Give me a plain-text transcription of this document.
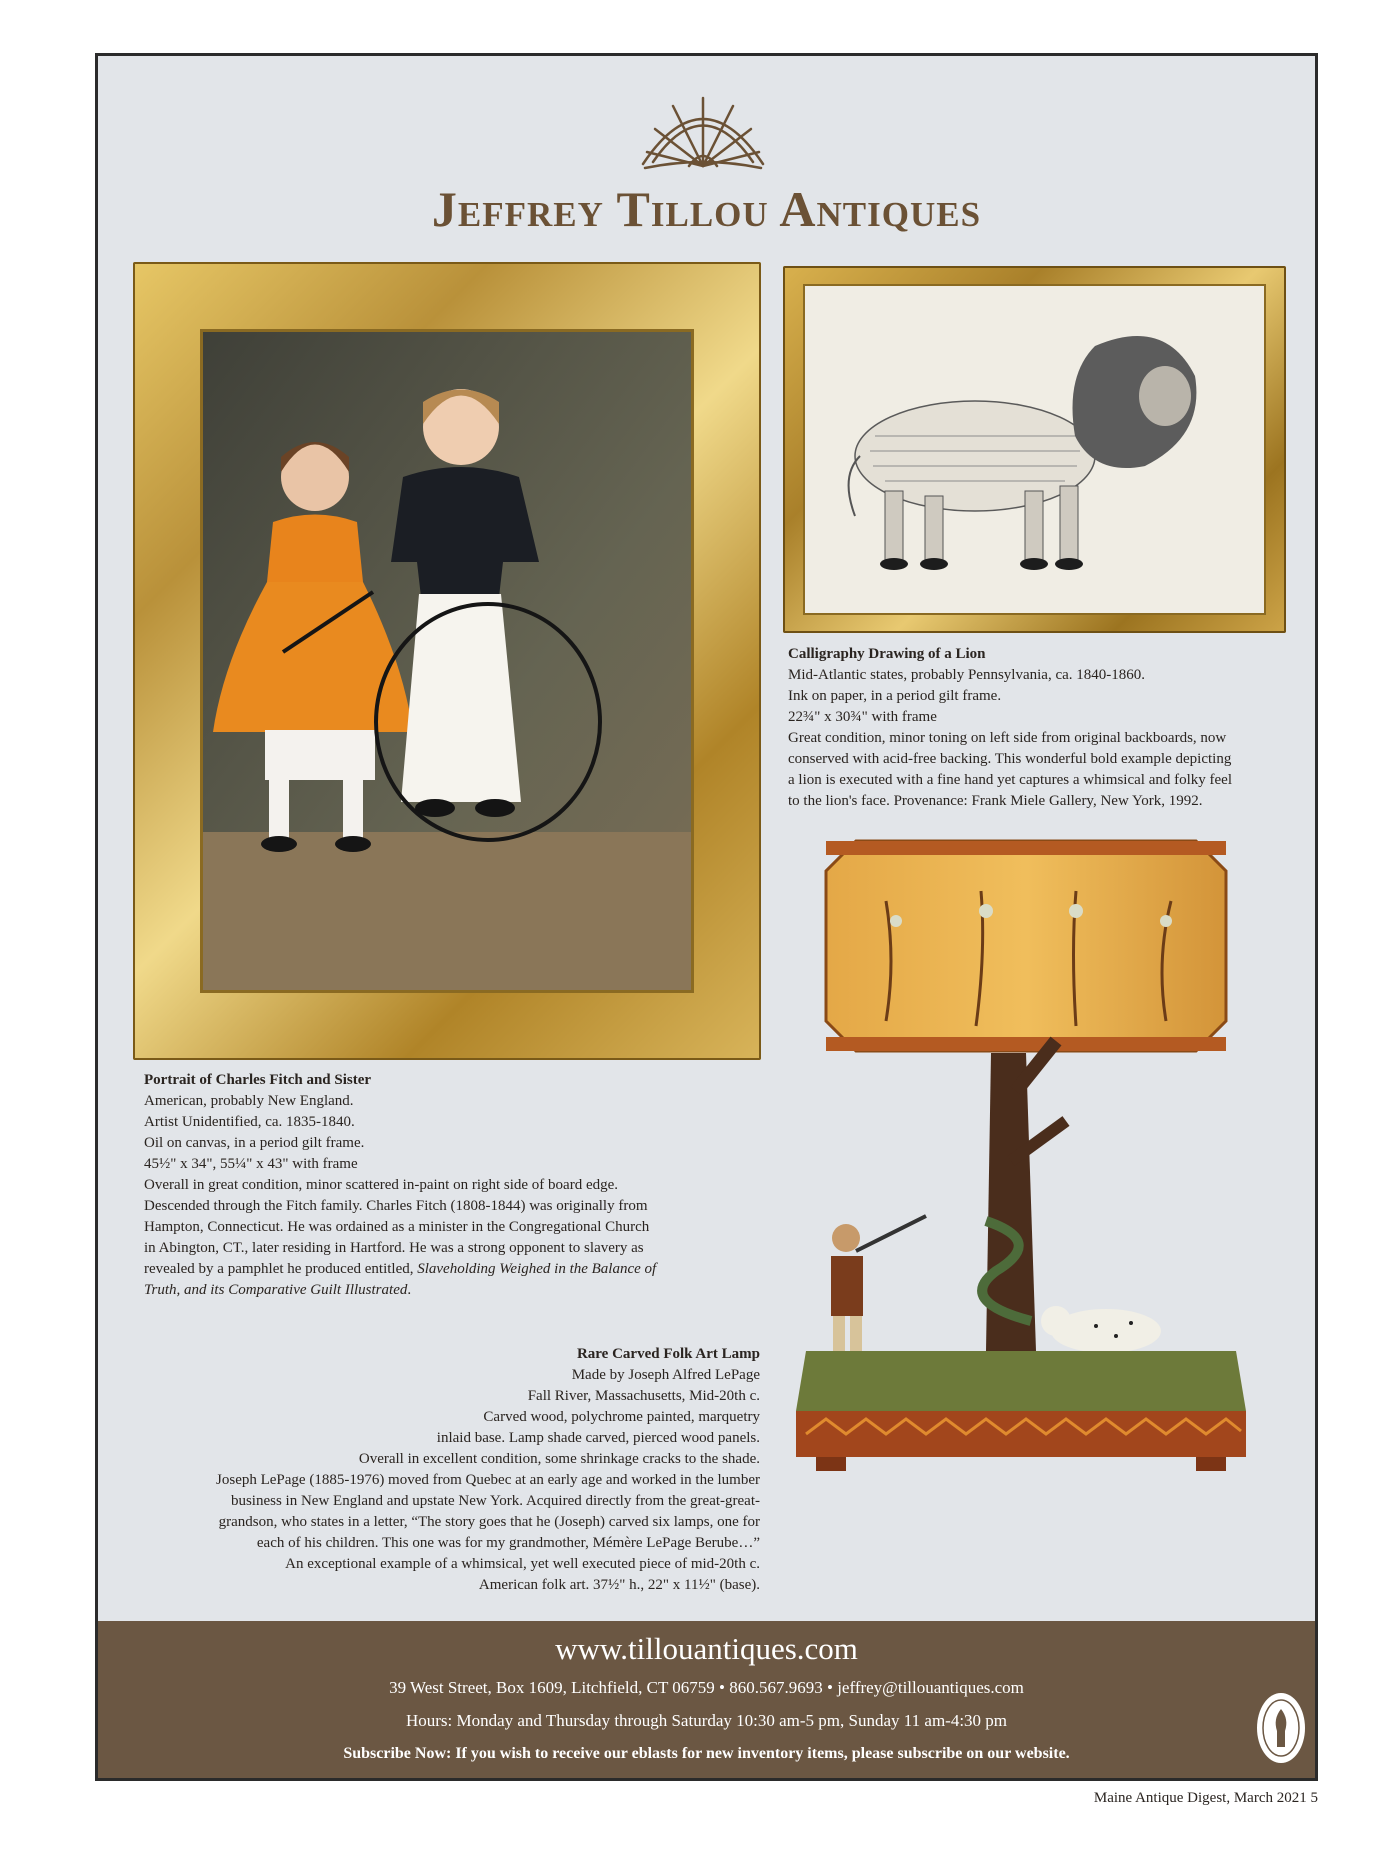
Jeffrey Tillou Antiques
Calligraphy Drawing of a Lion
Mid-Atlantic states, probably Pennsylvania, ca. 1840-1860.
Ink on paper, in a period gilt frame.
22¾" x 30¾" with frame
Great condition, minor toning on left side from original backboards, now
conserved with acid-free backing. This wonderful bold example depicting
a lion is executed with a fine hand yet captures a whimsical and folky feel
to the lion's face. Provenance: Frank Miele Gallery, New York, 1992.
Portrait of Charles Fitch and Sister
American, probably New England.
Artist Unidentified, ca. 1835-1840.
Oil on canvas, in a period gilt frame.
45½" x 34", 55¼" x 43" with frame
Overall in great condition, minor scattered in-paint on right side of board edge.
Descended through the Fitch family. Charles Fitch (1808-1844) was originally from
Hampton, Connecticut. He was ordained as a minister in the Congregational Church
in Abington, CT., later residing in Hartford. He was a strong opponent to slavery as
revealed by a pamphlet he produced entitled, Slaveholding Weighed in the Balance of
Truth, and its Comparative Guilt Illustrated.
Rare Carved Folk Art Lamp
Made by Joseph Alfred LePage
Fall River, Massachusetts, Mid-20th c.
Carved wood, polychrome painted, marquetry
inlaid base. Lamp shade carved, pierced wood panels.
Overall in excellent condition, some shrinkage cracks to the shade.
Joseph LePage (1885-1976) moved from Quebec at an early age and worked in the lumber
business in New England and upstate New York. Acquired directly from the great-great-
grandson, who states in a letter, “The story goes that he (Joseph) carved six lamps, one for
each of his children. This one was for my grandmother, Mémère LePage Berube…”
An exceptional example of a whimsical, yet well executed piece of mid-20th c.
American folk art. 37½" h., 22" x 11½" (base).
www.tillouantiques.com
39 West Street, Box 1609, Litchfield, CT 06759 • 860.567.9693 • jeffrey@tillouantiques.com
Hours: Monday and Thursday through Saturday 10:30 am-5 pm, Sunday 11 am-4:30 pm
Subscribe Now: If you wish to receive our eblasts for new inventory items, please subscribe on our website.
Maine Antique Digest, March 2021 5
